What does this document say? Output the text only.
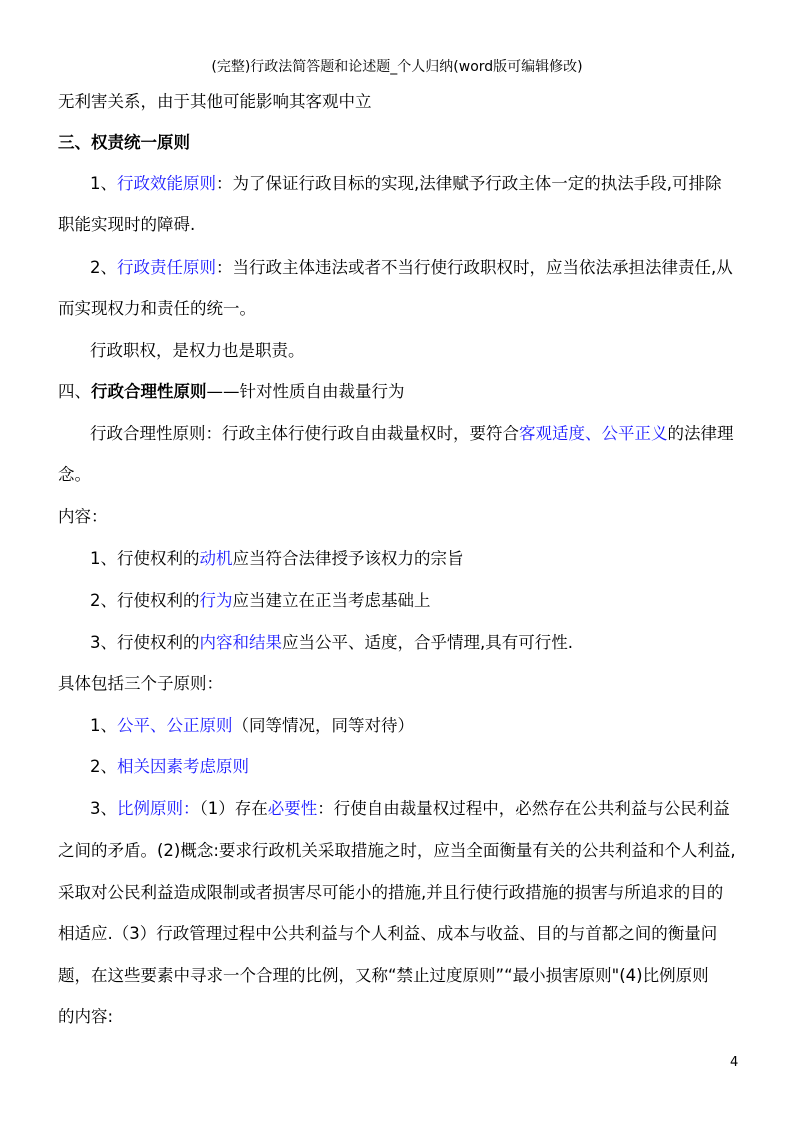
(完整)行政法简答题和论述题_个人归纳(word版可编辑修改)
无利害关系，由于其他可能影响其客观中立
三、权责统一原则
1、行政效能原则：为了保证行政目标的实现,法律赋予行政主体一定的执法手段,可排除
职能实现时的障碍.
2、行政责任原则：当行政主体违法或者不当行使行政职权时，应当依法承担法律责任,从
而实现权力和责任的统一。
行政职权，是权力也是职责。
四、行政合理性原则——针对性质自由裁量行为
行政合理性原则：行政主体行使行政自由裁量权时，要符合客观适度、公平正义的法律理
念。
内容：
1、行使权利的动机应当符合法律授予该权力的宗旨
2、行使权利的行为应当建立在正当考虑基础上
3、行使权利的内容和结果应当公平、适度，合乎情理,具有可行性.
具体包括三个子原则：
1、公平、公正原则（同等情况，同等对待）
2、相关因素考虑原则
3、比例原则：（1）存在必要性：行使自由裁量权过程中，必然存在公共利益与公民利益
之间的矛盾。(2)概念:要求行政机关采取措施之时，应当全面衡量有关的公共利益和个人利益,
采取对公民利益造成限制或者损害尽可能小的措施,并且行使行政措施的损害与所追求的目的
相适应.（3）行政管理过程中公共利益与个人利益、成本与收益、目的与首都之间的衡量问
题，在这些要素中寻求一个合理的比例，又称“禁止过度原则”“最小损害原则"(4)比例原则
的内容:
4
